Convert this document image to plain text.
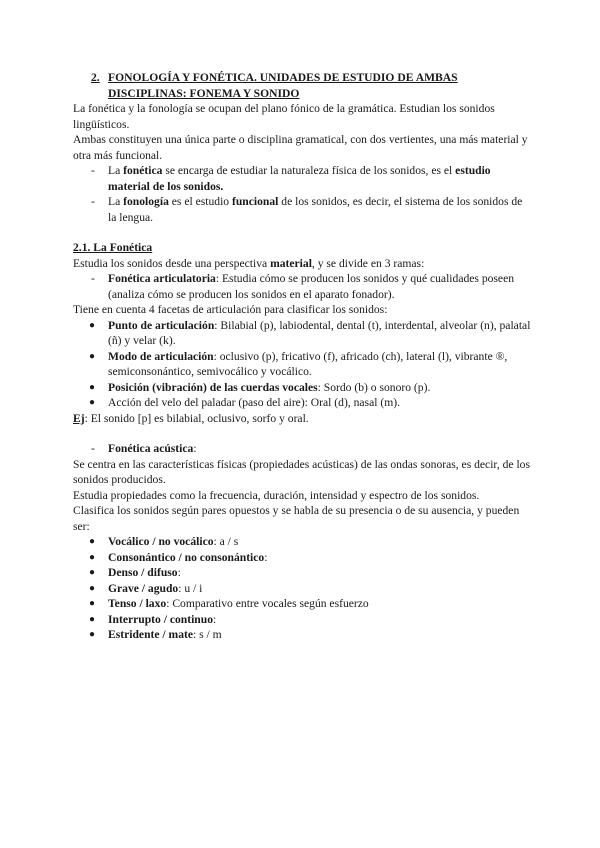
2. FONOLOGÍA Y FONÉTICA. UNIDADES DE ESTUDIO DE AMBAS DISCIPLINAS: FONEMA Y SONIDO

La fonética y la fonología se ocupan del plano fónico de la gramática. Estudian los sonidos lingüísticos.

Ambas constituyen una única parte o disciplina gramatical, con dos vertientes, una más material y otra más funcional.

-	La fonética se encarga de estudiar la naturaleza física de los sonidos, es el estudio material de los sonidos.
-	La fonología es el estudio funcional de los sonidos, es decir, el sistema de los sonidos de la lengua.
2.1. La Fonética

Estudia los sonidos desde una perspectiva material, y se divide en 3 ramas:

-	Fonética articulatoria: Estudia cómo se producen los sonidos y qué cualidades poseen (analiza cómo se producen los sonidos en el aparato fonador).

Tiene en cuenta 4 facetas de articulación para clasificar los sonidos:

●	Punto de articulación: Bilabial (p), labiodental, dental (t), interdental, alveolar (n), palatal (ñ) y velar (k).
●	Modo de articulación: oclusivo (p), fricativo (f), africado (ch), lateral (l), vibrante ®, semiconsonántico, semivocálico y vocálico.
●	Posición (vibración) de las cuerdas vocales: Sordo (b) o sonoro (p).
●	Acción del velo del paladar (paso del aire): Oral (d), nasal (m).

Ej: El sonido [p] es bilabial, oclusivo, sorfo y oral.

-	Fonética acústica:

Se centra en las características físicas (propiedades acústicas) de las ondas sonoras, es decir, de los sonidos producidos.

Estudia propiedades como la frecuencia, duración, intensidad y espectro de los sonidos.

Clasifica los sonidos según pares opuestos y se habla de su presencia o de su ausencia, y pueden ser:

●	Vocálico / no vocálico: a / s
●	Consonántico / no consonántico:
●	Denso / difuso:
●	Grave / agudo: u / i
●	Tenso / laxo: Comparativo entre vocales según esfuerzo
●	Interrupto / continuo:
●	Estridente / mate: s / m
